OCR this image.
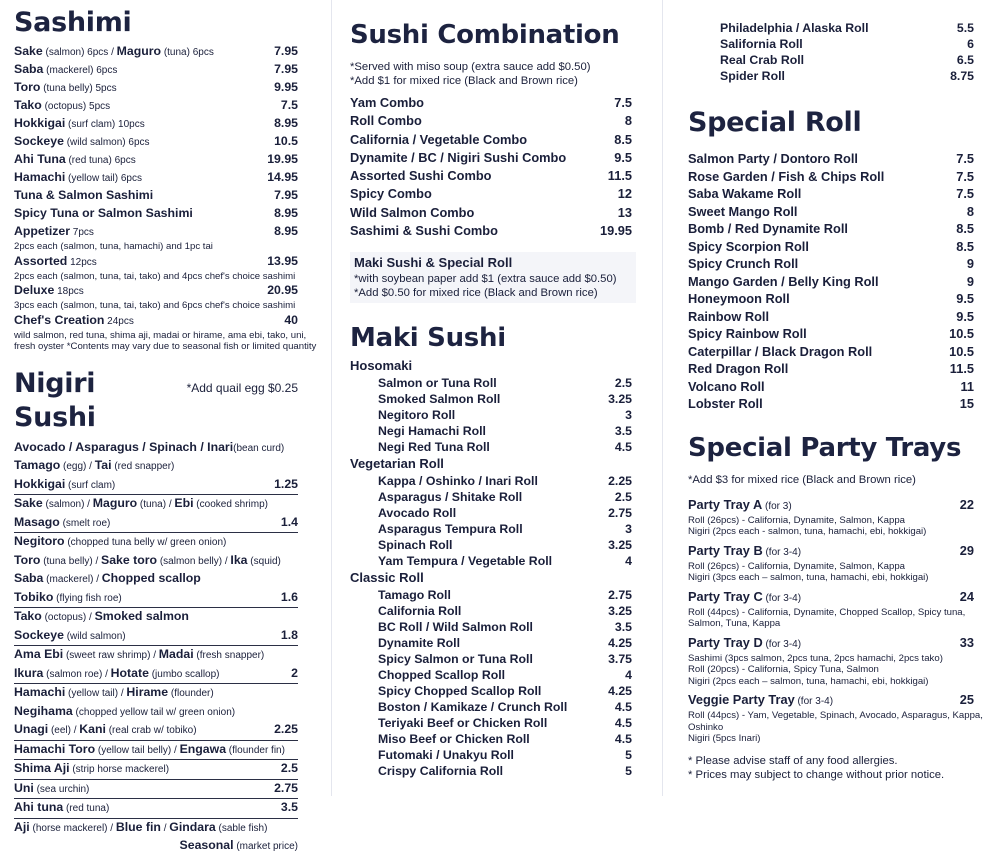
Sashimi
Sake (salmon) 6pcs / Maguro (tuna) 6pcs	7.95
Saba (mackerel) 6pcs	7.95
Toro (tuna belly) 5pcs	9.95
Tako (octopus) 5pcs	7.5
Hokkigai (surf clam) 10pcs	8.95
Sockeye (wild salmon) 6pcs	10.5
Ahi Tuna (red tuna) 6pcs	19.95
Hamachi (yellow tail) 6pcs	14.95
Tuna & Salmon Sashimi	7.95
Spicy Tuna or Salmon Sashimi	8.95
Appetizer 7pcs	8.95
2pcs each (salmon, tuna, hamachi) and 1pc tai
Assorted 12pcs	13.95
2pcs each (salmon, tuna, tai, tako) and 4pcs chef's choice sashimi
Deluxe 18pcs	20.95
3pcs each (salmon, tuna, tai, tako) and 6pcs chef's choice sashimi
Chef's Creation 24pcs	40
wild salmon, red tuna, shima aji, madai or hirame, ama ebi, tako, uni,
fresh oyster *Contents may vary due to seasonal fish or limited quantity
Nigiri Sushi
*Add quail egg $0.25
Avocado / Asparagus / Spinach / Inari(bean curd)
Tamago (egg) / Tai (red snapper)
Hokkigai (surf clam)	1.25
Sake (salmon) / Maguro (tuna) / Ebi (cooked shrimp)
Masago (smelt roe)	1.4
Negitoro (chopped tuna belly w/ green onion)
Toro (tuna belly) / Sake toro (salmon belly) / Ika (squid)
Saba (mackerel) / Chopped scallop
Tobiko (flying fish roe)	1.6
Tako (octopus) / Smoked salmon
Sockeye (wild salmon)	1.8
Ama Ebi (sweet raw shrimp) / Madai (fresh snapper)
Ikura (salmon roe) / Hotate (jumbo scallop)	2
Hamachi (yellow tail) / Hirame (flounder)
Negihama (chopped yellow tail w/ green onion)
Unagi (eel) / Kani (real crab w/ tobiko)	2.25
Hamachi Toro (yellow tail belly) / Engawa (flounder fin)
Shima Aji (strip horse mackerel)	2.5
Uni (sea urchin)	2.75
Ahi tuna (red tuna)	3.5
Aji (horse mackerel) / Blue fin / Gindara (sable fish)
Seasonal (market price)
Sushi Combination
*Served with miso soup (extra sauce add $0.50)
*Add $1 for mixed rice (Black and Brown rice)
Yam Combo	7.5
Roll Combo	8
California / Vegetable Combo	8.5
Dynamite / BC / Nigiri Sushi Combo	9.5
Assorted Sushi Combo	11.5
Spicy Combo	12
Wild Salmon Combo	13
Sashimi & Sushi Combo	19.95
Maki Sushi & Special Roll
*with soybean paper add $1 (extra sauce add $0.50)
*Add $0.50 for mixed rice (Black and Brown rice)
Maki Sushi
Hosomaki
Salmon or Tuna Roll	2.5
Smoked Salmon Roll	3.25
Negitoro Roll	3
Negi Hamachi Roll	3.5
Negi Red Tuna Roll	4.5
Vegetarian Roll
Kappa / Oshinko / Inari Roll	2.25
Asparagus / Shitake Roll	2.5
Avocado Roll	2.75
Asparagus Tempura Roll	3
Spinach Roll	3.25
Yam Tempura / Vegetable Roll	4
Classic Roll
Tamago Roll	2.75
California Roll	3.25
BC Roll / Wild Salmon Roll	3.5
Dynamite Roll	4.25
Spicy Salmon or Tuna Roll	3.75
Chopped Scallop Roll	4
Spicy Chopped Scallop Roll	4.25
Boston / Kamikaze / Crunch Roll	4.5
Teriyaki Beef or Chicken Roll	4.5
Miso Beef or Chicken Roll	4.5
Futomaki / Unakyu Roll	5
Crispy California Roll	5
Philadelphia / Alaska Roll	5.5
Salifornia Roll	6
Real Crab Roll	6.5
Spider Roll	8.75
Special Roll
Salmon Party / Dontoro Roll	7.5
Rose Garden / Fish & Chips Roll	7.5
Saba Wakame Roll	7.5
Sweet Mango Roll	8
Bomb / Red Dynamite Roll	8.5
Spicy Scorpion Roll	8.5
Spicy Crunch Roll	9
Mango Garden / Belly King Roll	9
Honeymoon Roll	9.5
Rainbow Roll	9.5
Spicy Rainbow Roll	10.5
Caterpillar / Black Dragon Roll	10.5
Red Dragon Roll	11.5
Volcano Roll	11
Lobster Roll	15
Special Party Trays
*Add $3 for mixed rice (Black and Brown rice)
Party Tray A (for 3)	22
Roll (26pcs) - California, Dynamite, Salmon, Kappa
Nigiri (2pcs each - salmon, tuna, hamachi, ebi, hokkigai)
Party Tray B (for 3-4)	29
Roll (26pcs) - California, Dynamite, Salmon, Kappa
Nigiri (3pcs each – salmon, tuna, hamachi, ebi, hokkigai)
Party Tray C (for 3-4)	24
Roll (44pcs) - California, Dynamite, Chopped Scallop, Spicy tuna,
Salmon, Tuna, Kappa
Party Tray D (for 3-4)	33
Sashimi (3pcs salmon, 2pcs tuna, 2pcs hamachi, 2pcs tako)
Roll (20pcs) - California, Spicy Tuna, Salmon
Nigiri (2pcs each – salmon, tuna, hamachi, ebi, hokkigai)
Veggie Party Tray (for 3-4)	25
Roll (44pcs) - Yam, Vegetable, Spinach, Avocado, Asparagus, Kappa,
Oshinko
Nigiri (5pcs Inari)
* Please advise staff of any food allergies.
* Prices may subject to change without prior notice.
